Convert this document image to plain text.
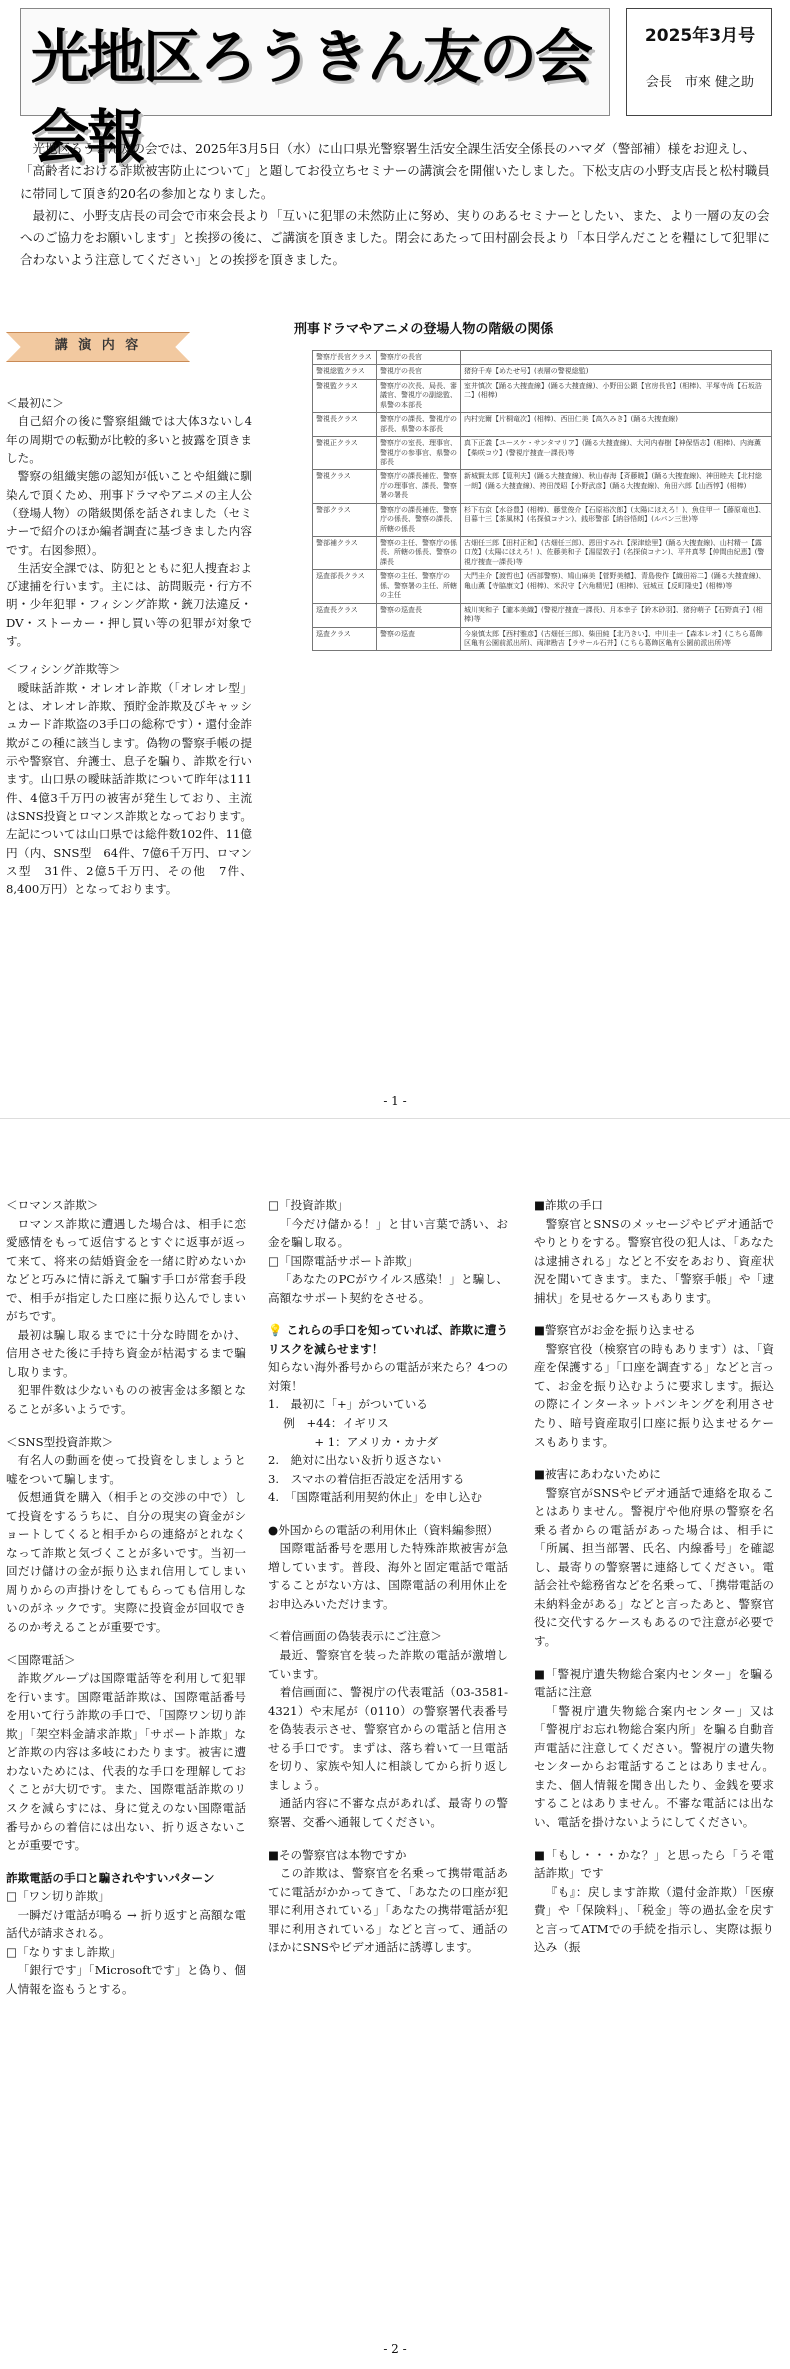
光地区ろうきん友の会会報
2025年3月号
会長　市來 健之助

光地区ろうきん友の会では、2025年3月5日（水）に山口県光警察署生活安全課生活安全係長のハマダ（警部補）様をお迎えし、「高齢者における詐欺被害防止について」と題してお役立ちセミナーの講演会を開催いたしました。下松支店の小野支店長と松村職員に帯同して頂き約20名の参加となりました。

最初に、小野支店長の司会で市來会長より「互いに犯罪の未然防止に努め、実りのあるセミナーとしたい、また、より一層の友の会へのご協力をお願いします」と挨拶の後に、ご講演を頂きました。閉会にあたって田村副会長より「本日学んだことを糧にして犯罪に合わないよう注意してください」との挨拶を頂きました。

講 演 内 容
＜最初に＞

自己紹介の後に警察組織では大体3ないし4年の周期での転勤が比較的多いと披露を頂きました。

警察の組織実態の認知が低いことや組織に馴染んで頂くため、刑事ドラマやアニメの主人公（登場人物）の階級関係を話されました（セミナーで紹介のほか編者調査に基づきました内容です。右図参照）。

生活安全課では、防犯とともに犯人捜査および逮捕を行います。主には、訪問販売・行方不明・少年犯罪・フィシング詐欺・銃刀法違反・DV・ストーカー・押し買い等の犯罪が対象です。

＜フィシング詐欺等＞

曖昧話詐欺・オレオレ詐欺（「オレオレ型」とは、オレオレ詐欺、預貯金詐欺及びキャッシュカード詐欺盗の3手口の総称です）・還付金詐欺がこの種に該当します。偽物の警察手帳の提示や警察官、弁護士、息子を騙り、詐欺を行います。山口県の曖昧話詐欺について昨年は111件、4億3千万円の被害が発生しており、主流はSNS投資とロマンス詐欺となっております。左記については山口県では総件数102件、11億円（内、SNS型　64件、7億6千万円、ロマンス型　31件、2億5千万円、その他　7件、8,400万円）となっております。

刑事ドラマやアニメの登場人物の階級の関係
警察庁長官クラス	警察庁の長官	
警視総監クラス	警視庁の長官	猪狩千寿【めたせ号】(表層の警視総監)
警視監クラス	警察庁の次長、局長、審議官、警視庁の副総監、県警の本部長	室井慎次【踊る大捜査線】(踊る大捜査線)、小野田公顕【官房長官】(相棒)、平塚寺尚【石坂浩二】(相棒)
警視長クラス	警察庁の課長、警視庁の部長、県警の本部長	内村完爾【片桐竜次】(相棒)、西田仁美【高久みき】(踊る大捜査線)
警視正クラス	警察庁の室長、理事官、警視庁の参事官、県警の部長	真下正義【ユースケ・サンタマリア】(踊る大捜査線)、大河内春樹【神保悟志】(相棒)、内海薫【柴咲コウ】(警視庁捜査一課長)等
警視クラス	警察庁の課長補佐、警察庁の理事官、課長、警察署の署長	新城賢太郎【筧利夫】(踊る大捜査線)、秋山春海【斉藤暁】(踊る大捜査線)、神田睦夫【北村総一朗】(踊る大捜査線)、袴田茂昭【小野武彦】(踊る大捜査線)、角田六郎【山西惇】(相棒)
警部クラス	警察庁の課長補佐、警察庁の係長、警察の課長、所轄の係長	杉下右京【水谷豊】(相棒)、藤堂俊介【石原裕次郎】(太陽にほえろ！)、魚住甲一【藤原竜也】、目暮十三【茶風林】(名探偵コナン)、銭形警部【納谷悟朗】(ルパン三世)等
警部補クラス	警察の主任、警察庁の係長、所轄の係長、警察の課長	古畑任三郎【田村正和】(古畑任三郎)、恩田すみれ【深津絵里】(踊る大捜査線)、山村精一【露口茂】(太陽にほえろ！)、佐藤美和子【湯屋敦子】(名探偵コナン)、平井真琴【仲間由紀恵】(警視庁捜査一課長)等
巡査部長クラス	警察の主任、警察庁の係、警察署の主任、所轄の主任	大門圭介【渡哲也】(西部警察)、鳩山麻美【菅野美穂】、青島俊作【織田裕二】(踊る大捜査線)、亀山薫【寺脇康文】(相棒)、米沢守【六角精児】(相棒)、冠城亘【反町隆史】(相棒)等
巡査長クラス	警察の巡査長	城川実和子【瀧本美織】(警視庁捜査一課長)、月本幸子【鈴木砂羽】、猪狩萌子【石野真子】(相棒)等
巡査クラス	警察の巡査	今泉慎太郎【西村雅彦】(古畑任三郎)、柴田純【北乃きい】、中川圭一【森本レオ】(こちら葛飾区亀有公園前派出所)、両津勘吉【ラサール石井】(こちら葛飾区亀有公園前派出所)等
- 1 -
＜ロマンス詐欺＞

ロマンス詐欺に遭遇した場合は、相手に恋愛感情をもって返信するとすぐに返事が返って来て、将来の結婚資金を一緒に貯めないかなどと巧みに情に訴えて騙す手口が常套手段で、相手が指定した口座に振り込んでしまいがちです。

最初は騙し取るまでに十分な時間をかけ、信用させた後に手持ち資金が枯渇するまで騙し取ります。

犯罪件数は少ないものの被害金は多額となることが多いようです。

＜SNS型投資詐欺＞

有名人の動画を使って投資をしましょうと嘘をついて騙します。

仮想通貨を購入（相手との交渉の中で）して投資をするうちに、自分の現実の資金がショートしてくると相手からの連絡がとれなくなって詐欺と気づくことが多いです。当初一回だけ儲けの金が振り込まれ信用してしまい周りからの声掛けをしてもらっても信用しないのがネックです。実際に投資金が回収できるのか考えることが重要です。

＜国際電話＞

詐欺グループは国際電話等を利用して犯罪を行います。国際電話詐欺は、国際電話番号を用いて行う詐欺の手口で、「国際ワン切り詐欺」「架空料金請求詐欺」「サポート詐欺」など詐欺の内容は多岐にわたります。被害に遭わないためには、代表的な手口を理解しておくことが大切です。また、国際電話詐欺のリスクを減らすには、身に覚えのない国際電話番号からの着信には出ない、折り返さないことが重要です。

詐欺電話の手口と騙されやすいパターン
□「ワン切り詐欺」

一瞬だけ電話が鳴る → 折り返すと高額な電話代が請求される。

□「なりすまし詐欺」

「銀行です」「Microsoftです」と偽り、個人情報を盗もうとする。

□「投資詐欺」

「今だけ儲かる！」と甘い言葉で誘い、お金を騙し取る。

□「国際電話サポート詐欺」

「あなたのPCがウイルス感染！」と騙し、高額なサポート契約をさせる。

💡 これらの手口を知っていれば、詐欺に遭うリスクを減らせます！
知らない海外番号からの電話が来たら？4つの対策！
1.　最初に「+」がついている
　 例　+44：イギリス
　　　　+ 1：アメリカ・カナダ
2.　絶対に出ない＆折り返さない
3.　スマホの着信拒否設定を活用する
4.　「国際電話利用契約休止」を申し込む
●外国からの電話の利用休止（資料編参照）

国際電話番号を悪用した特殊詐欺被害が急増しています。普段、海外と固定電話で電話することがない方は、国際電話の利用休止をお申込みいただけます。

＜着信画面の偽装表示にご注意＞

最近、警察官を装った詐欺の電話が激増しています。

着信画面に、警視庁の代表電話（03-3581-4321）や末尾が（0110）の警察署代表番号を偽装表示させ、警察官からの電話と信用させる手口です。まずは、落ち着いて一旦電話を切り、家族や知人に相談してから折り返しましょう。

通話内容に不審な点があれば、最寄りの警察署、交番へ通報してください。

■その警察官は本物ですか

この詐欺は、警察官を名乗って携帯電話あてに電話がかかってきて、「あなたの口座が犯罪に利用されている」「あなたの携帯電話が犯罪に利用されている」などと言って、通話のほかにSNSやビデオ通話に誘導します。

■詐欺の手口

警察官とSNSのメッセージやビデオ通話でやりとりをする。警察官役の犯人は、「あなたは逮捕される」などと不安をあおり、資産状況を聞いてきます。また、「警察手帳」や「逮捕状」を見せるケースもあります。

■警察官がお金を振り込ませる

警察官役（検察官の時もあります）は、「資産を保護する」「口座を調査する」などと言って、お金を振り込むように要求します。振込の際にインターネットバンキングを利用させたり、暗号資産取引口座に振り込ませるケースもあります。

■被害にあわないために

警察官がSNSやビデオ通話で連絡を取ることはありません。警視庁や他府県の警察を名乗る者からの電話があった場合は、相手に「所属、担当部署、氏名、内線番号」を確認し、最寄りの警察署に連絡してください。電話会社や総務省などを名乗って、「携帯電話の未納料金がある」などと言ったあと、警察官役に交代するケースもあるので注意が必要です。

■「警視庁遺失物総合案内センター」を騙る電話に注意

「警視庁遺失物総合案内センター」又は「警視庁お忘れ物総合案内所」を騙る自動音声電話に注意してください。警視庁の遺失物センターからお電話することはありません。また、個人情報を聞き出したり、金銭を要求することはありません。不審な電話には出ない、電話を掛けないようにしてください。

■「もし・・・かな？」と思ったら「うそ電話詐欺」です

『も』：戻します詐欺（還付金詐欺）「医療費」や「保険料」、「税金」等の過払金を戻すと言ってATMでの手続を指示し、実際は振り込み（振

- 2 -
